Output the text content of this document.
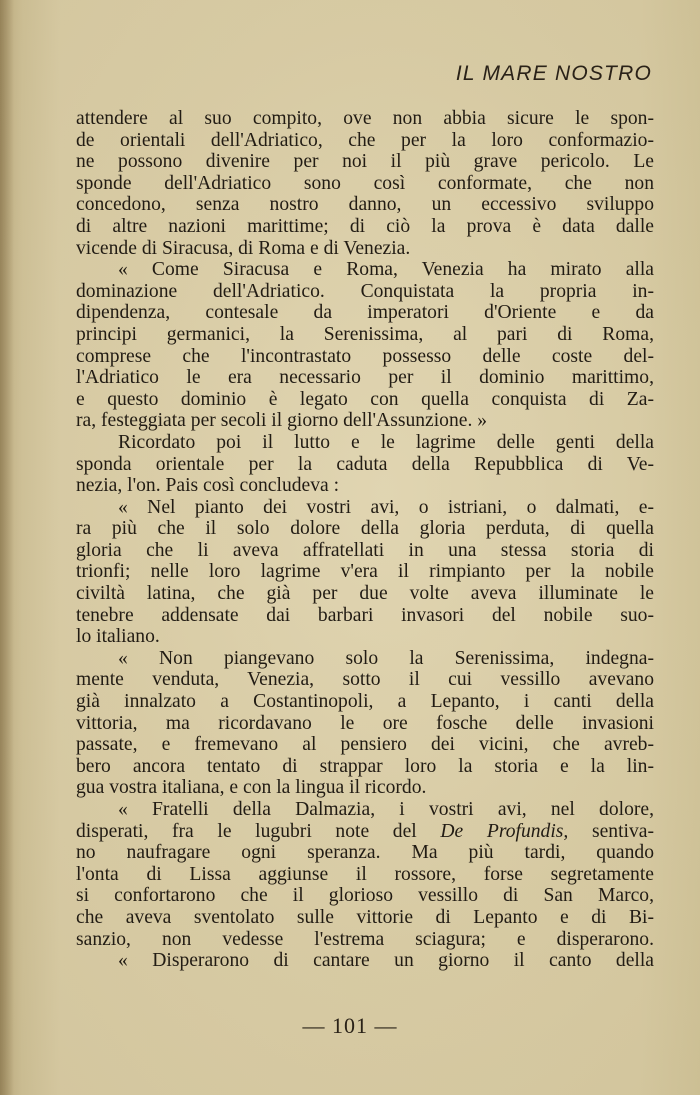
IL MARE NOSTRO
attendere al suo compito, ove non abbia sicure le spon-
de orientali dell'Adriatico, che per la loro conformazio-
ne possono divenire per noi il più grave pericolo. Le
sponde dell'Adriatico sono così conformate, che non
concedono, senza nostro danno, un eccessivo sviluppo
di altre nazioni marittime; di ciò la prova è data dalle
vicende di Siracusa, di Roma e di Venezia.
« Come Siracusa e Roma, Venezia ha mirato alla
dominazione dell'Adriatico. Conquistata la propria in-
dipendenza, contesale da imperatori d'Oriente e da
principi germanici, la Serenissima, al pari di Roma,
comprese che l'incontrastato possesso delle coste del-
l'Adriatico le era necessario per il dominio marittimo,
e questo dominio è legato con quella conquista di Za-
ra, festeggiata per secoli il giorno dell'Assunzione. »
Ricordato poi il lutto e le lagrime delle genti della
sponda orientale per la caduta della Repubblica di Ve-
nezia, l'on. Pais così concludeva :
« Nel pianto dei vostri avi, o istriani, o dalmati, e-
ra più che il solo dolore della gloria perduta, di quella
gloria che li aveva affratellati in una stessa storia di
trionfi; nelle loro lagrime v'era il rimpianto per la nobile
civiltà latina, che già per due volte aveva illuminate le
tenebre addensate dai barbari invasori del nobile suo-
lo italiano.
« Non piangevano solo la Serenissima, indegna-
mente venduta, Venezia, sotto il cui vessillo avevano
già innalzato a Costantinopoli, a Lepanto, i canti della
vittoria, ma ricordavano le ore fosche delle invasioni
passate, e fremevano al pensiero dei vicini, che avreb-
bero ancora tentato di strappar loro la storia e la lin-
gua vostra italiana, e con la lingua il ricordo.
« Fratelli della Dalmazia, i vostri avi, nel dolore,
disperati, fra le lugubri note del De Profundis, sentiva-
no naufragare ogni speranza. Ma più tardi, quando
l'onta di Lissa aggiunse il rossore, forse segretamente
si confortarono che il glorioso vessillo di San Marco,
che aveva sventolato sulle vittorie di Lepanto e di Bi-
sanzio, non vedesse l'estrema sciagura; e disperarono.
« Disperarono di cantare un giorno il canto della
— 101 —
